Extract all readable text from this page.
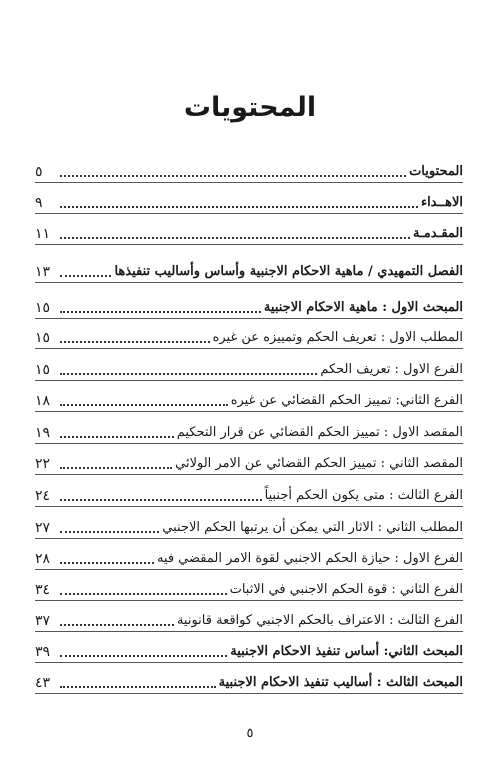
المحتويات
المحتويات
٥
الاهــداء
٩
المقـدمـة
١١
الفصل التمهيدي / ماهية الاحكام الاجنبية وأساس وأساليب تنفيذها
١٣
المبحث الاول : ماهية الاحكام الاجنبية
١٥
المطلب الاول : تعريف الحكم وتمييزه عن غيره
١٥
الفرع الاول : تعريف الحكم
١٥
الفرع الثاني: تمييز الحكم القضائي عن غيره
١٨
المقصد الاول : تمييز الحكم القضائي عن قرار التحكيم
١٩
المقصد الثاني : تمييز الحكم القضائي عن الامر الولائي
٢٢
الفرع الثالث : متى يكون الحكم أجنبياً
٢٤
المطلب الثاني : الاثار التي يمكن أن يرتبها الحكم الاجنبي
٢٧
الفرع الاول : حيازة الحكم الاجنبي لقوة الامر المقضي فيه
٢٨
الفرع الثاني : قوة الحكم الاجنبي في الاثبات
٣٤
الفرع الثالث : الاعتراف بالحكم الاجنبي كواقعة قانونية
٣٧
المبحث الثاني: أساس تنفيذ الاحكام الاجنبية
٣٩
المبحث الثالث : أساليب تنفيذ الاحكام الاجنبية
٤٣
٥
